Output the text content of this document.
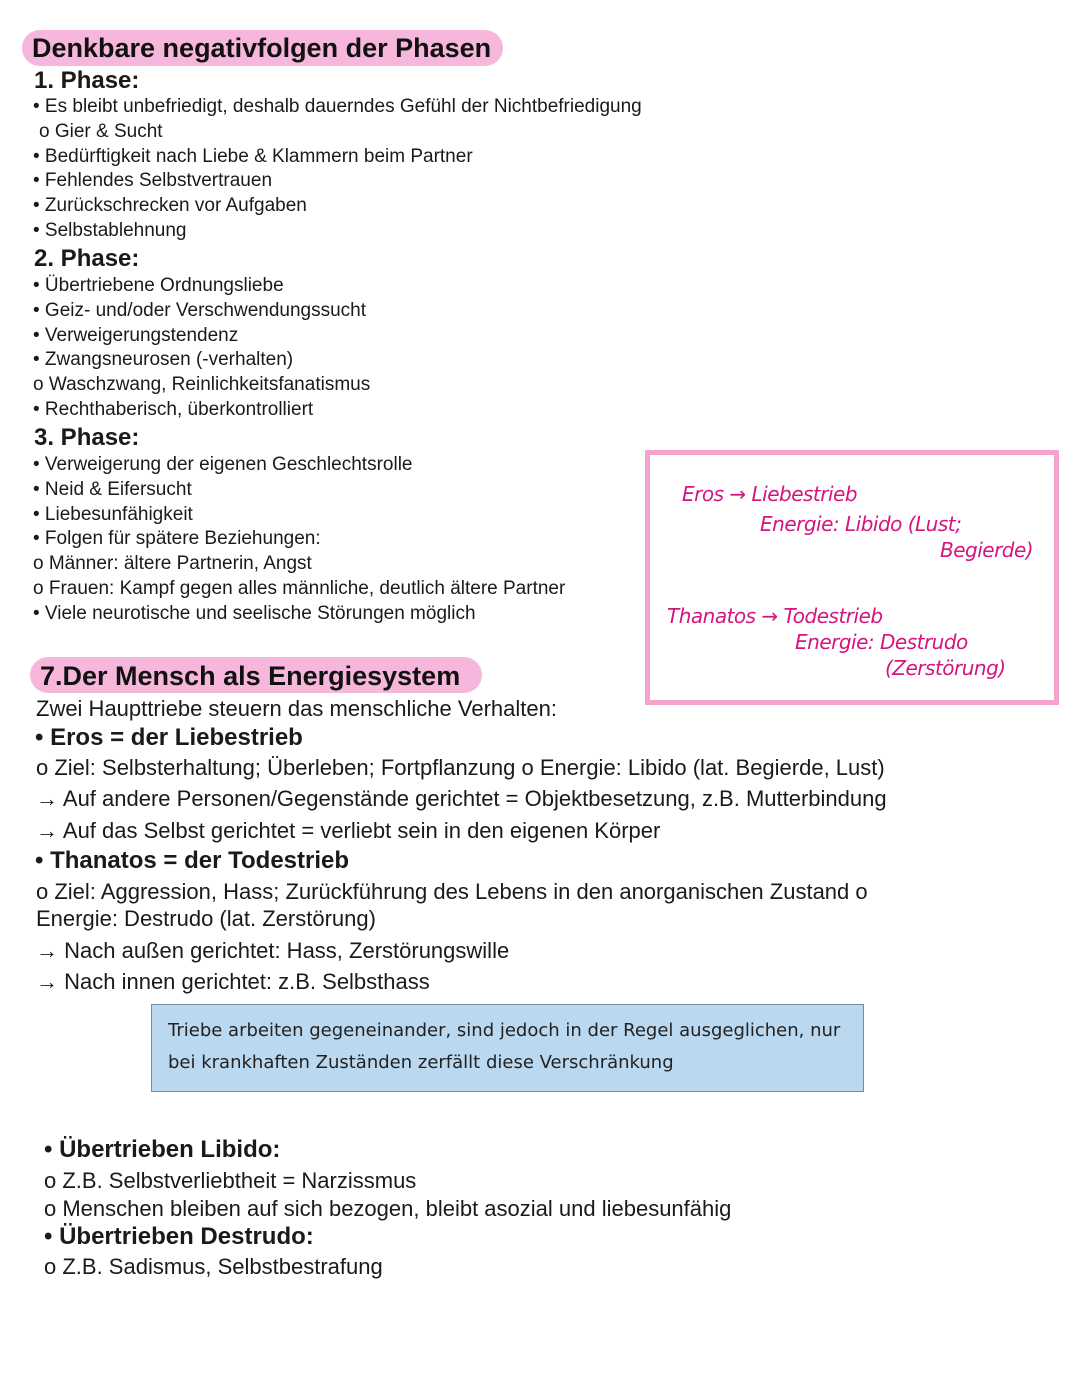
Denkbare negativfolgen der Phasen
1. Phase:
• Es bleibt unbefriedigt, deshalb dauerndes Gefühl der Nichtbefriedigung
o Gier & Sucht
• Bedürftigkeit nach Liebe & Klammern beim Partner
• Fehlendes Selbstvertrauen
• Zurückschrecken vor Aufgaben
• Selbstablehnung
2. Phase:
• Übertriebene Ordnungsliebe
• Geiz- und/oder Verschwendungssucht
• Verweigerungstendenz
• Zwangsneurosen (-verhalten)
o Waschzwang, Reinlichkeitsfanatismus
• Rechthaberisch, überkontrolliert
3. Phase:
• Verweigerung der eigenen Geschlechtsrolle
• Neid & Eifersucht
• Liebesunfähigkeit
• Folgen für spätere Beziehungen:
o Männer: ältere Partnerin, Angst
o Frauen: Kampf gegen alles männliche, deutlich ältere Partner
• Viele neurotische und seelische Störungen möglich
Eros → Liebestrieb
Energie: Libido (Lust;
Begierde)
Thanatos → Todestrieb
Energie: Destrudo
(Zerstörung)
7.Der Mensch als Energiesystem
Zwei Haupttriebe steuern das menschliche Verhalten:
• Eros = der Liebestrieb
o Ziel: Selbsterhaltung; Überleben; Fortpflanzung o Energie: Libido (lat. Begierde, Lust)
→ Auf andere Personen/Gegenstände gerichtet = Objektbesetzung, z.B. Mutterbindung
→ Auf das Selbst gerichtet = verliebt sein in den eigenen Körper
• Thanatos = der Todestrieb
o Ziel: Aggression, Hass; Zurückführung des Lebens in den anorganischen Zustand o
Energie: Destrudo (lat. Zerstörung)
→ Nach außen gerichtet: Hass, Zerstörungswille
→ Nach innen gerichtet: z.B. Selbsthass
Triebe arbeiten gegeneinander, sind jedoch in der Regel ausgeglichen, nur bei krankhaften Zuständen zerfällt diese Verschränkung
• Übertrieben Libido:
o Z.B. Selbstverliebtheit = Narzissmus
o Menschen bleiben auf sich bezogen, bleibt asozial und liebesunfähig
• Übertrieben Destrudo:
o Z.B. Sadismus, Selbstbestrafung
